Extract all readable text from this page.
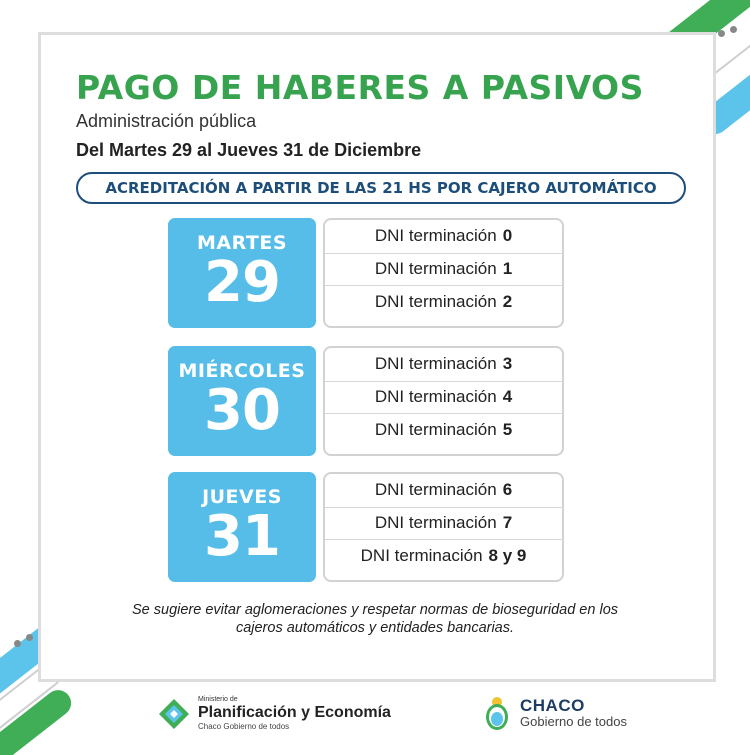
PAGO DE HABERES A PASIVOS
Administración pública
Del Martes 29 al Jueves 31 de Diciembre
ACREDITACIÓN A PARTIR DE LAS 21 HS POR CAJERO AUTOMÁTICO
MARTES
29
DNI terminación 0
DNI terminación 1
DNI terminación 2
MIÉRCOLES
30
DNI terminación 3
DNI terminación 4
DNI terminación 5
JUEVES
31
DNI terminación 6
DNI terminación 7
DNI terminación 8 y 9
Se sugiere evitar aglomeraciones y respetar normas de bioseguridad en los cajeros automáticos y entidades bancarias.
Ministerio de
Planificación y Economía
Chaco Gobierno de todos
CHACO
Gobierno de todos
